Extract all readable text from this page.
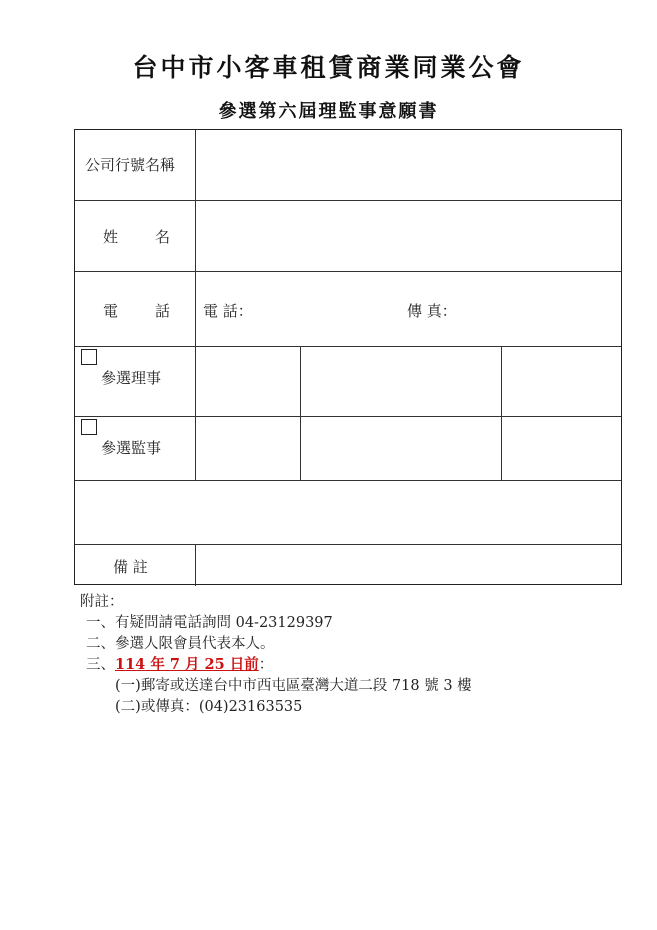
台中市小客車租賃商業同業公會
參選第六屆理監事意願書
公司行號名稱
姓 名
電 話 電 話：	傳 真：
參選理事
參選監事
備 註
附註：
一、有疑問請電話詢問 04-23129397
二、參選人限會員代表本人。
三、114 年 7 月 25 日前：
(一)郵寄或送達台中市西屯區臺灣大道二段 718 號 3 樓
(二)或傳真：(04)23163535
